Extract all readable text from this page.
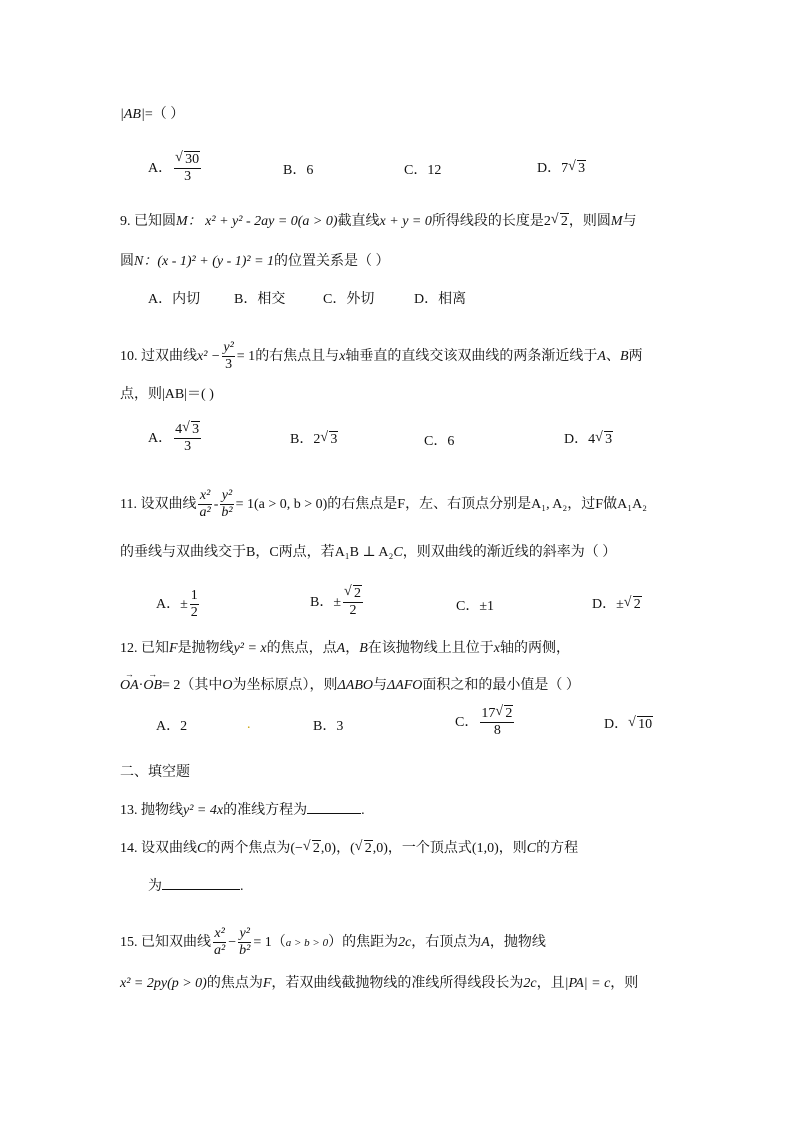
|AB|=（ ）
A． √ $\frac{30}{3}$	B．6	C．12	D．7 √ 3
9. 已知圆M： x² + y² - 2ay = 0(a > 0)截直线x + y = 0所得线段的长度是2 √ 2，则圆M与
圆N：(x - 1)² + (y - 1)² = 1的位置关系是（ ）
A．内切 B．相交	C．外切	D．相离
10. 过双曲线$x^2 - \frac{\text{y²}}{3} = 1$的右焦点且与x轴垂直的直线交该双曲线的两条渐近线于A、B两
点，则|AB|＝( )
A． $\frac{4 √ 3}{3}$	B．2 √ 3	C．6	D．4 √ 3
11. 设双曲线 $\frac{\text{x²}}{\text{a²}} - \frac{\text{y²}}{\text{b²}} = 1(a > 0$, b > 0)的右焦点是F，左、右顶点分别是A₁, A₂，过F做A₁A₂
的垂线与双曲线交于B，C两点，若A₁B ⊥ A₂C，则双曲线的渐近线的斜率为（ ）
A．± $\frac{1}{2}$	B．± √ $\frac{2}{2}$	C．±1	D．± √ 2
12. 已知F是抛物线y² = x的焦点，点A，B在该抛物线上且位于x轴的两侧，
→ OA·→ OB= 2（其中O为坐标原点），则ΔABO与ΔAFO面积之和的最小值是（ ）
A．2	.	B．3	C． $\frac{17 √ 2}{8}$	D． √ 10
二、填空题
13. 抛物线y² = 4x的准线方程为	.
14. 设双曲线C的两个焦点为(− √ 2,0)，( √ 2,0)，一个顶点式(1,0)，则C的方程
为	.
15. 已知双曲线 $\frac{\text{x²}}{\text{a²}} - \frac{\text{y²}}{\text{b²}} = 1(a > b > 0)$的焦距为2c，右顶点为A，抛物线
x² = 2py(p > 0)的焦点为F，若双曲线截抛物线的准线所得线段长为2c，且|PA| = c，则
